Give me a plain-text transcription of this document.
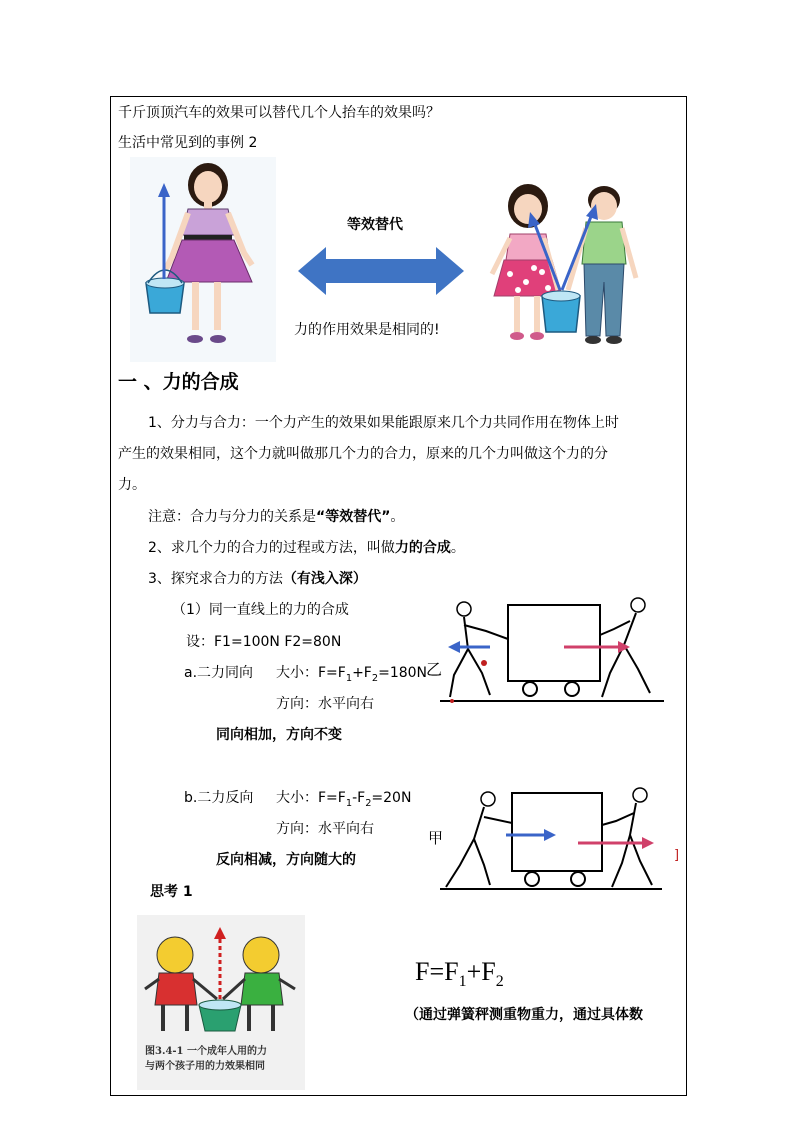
千斤顶顶汽车的效果可以替代几个人抬车的效果吗？
生活中常见到的事例 2
等效替代
力的作用效果是相同的!
一 、力的合成
1、分力与合力：一个力产生的效果如果能跟原来几个力共同作用在物体上时
产生的效果相同，这个力就叫做那几个力的合力，原来的几个力叫做这个力的分
力。
注意：合力与分力的关系是“等效替代”。
2、求几个力的合力的过程或方法，叫做力的合成。
3、探究求合力的方法（有浅入深）
（1）同一直线上的力的合成
设：F1=100N F2=80N
a.二力同向 大小：$F=F_1+F_2=180N$
方向：水平向右
同向相加，方向不变
乙
b.二力反向 大小：$F=F_1-F_2=20N$
方向：水平向右
反向相减，方向随大的
甲
]
思考 1
图3.4-1 一个成年人用的力
与两个孩子用的力效果相同
$F=F_1+F_2$
（通过弹簧秤测重物重力，通过具体数
